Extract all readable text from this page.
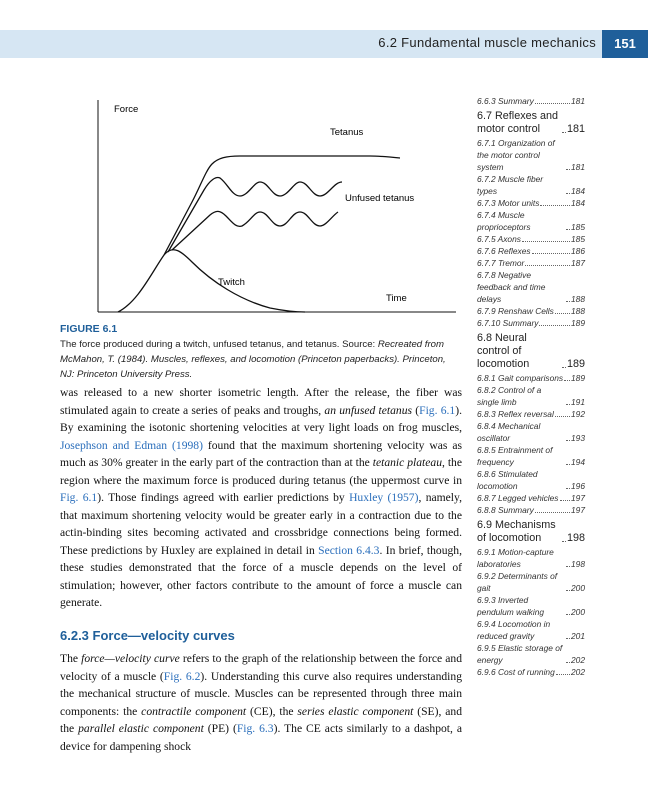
6.2 Fundamental muscle mechanics	151
Force
Time
Tetanus
Unfused tetanus
Twitch
FIGURE 6.1
The force produced during a twitch, unfused tetanus, and tetanus. Source: Recreated from McMahon, T. (1984). Muscles, reflexes, and locomotion (Princeton paperbacks). Princeton, NJ: Princeton University Press.

was released to a new shorter isometric length. After the release, the fiber was stimulated again to create a series of peaks and troughs, an unfused tetanus (Fig. 6.1). By examining the isotonic shortening velocities at very light loads on frog muscles, Josephson and Edman (1998) found that the maximum shortening velocity was as much as 30% greater in the early part of the contraction than at the tetanic plateau, the region where the maximum force is produced during tetanus (the uppermost curve in Fig. 6.1). Those findings agreed with earlier predictions by Huxley (1957), namely, that maximum shortening velocity would be greater early in a contraction due to the actin-binding sites becoming activated and crossbridge connections being formed. These predictions by Huxley are explained in detail in Section 6.4.3. In brief, though, these studies demonstrated that the force of a muscle depends on the level of stimulation; however, other factors contribute to the amount of force a muscle can generate.

6.2.3 Force—velocity curves

The force—velocity curve refers to the graph of the relationship between the force and velocity of a muscle (Fig. 6.2). Understanding this curve also requires understanding the mechanical structure of muscle. Muscles can be represented through three main components: the contractile component (CE), the series elastic component (SE), and the parallel elastic component (PE) (Fig. 6.3). The CE acts similarly to a dashpot, a device for dampening shock

6.6.3 Summary	181
6.7 Reflexes and motor control	181
6.7.1 Organization of the motor control system	181
6.7.2 Muscle fiber types	184
6.7.3 Motor units	184
6.7.4 Muscle proprioceptors	185
6.7.5 Axons	185
6.7.6 Reflexes	186
6.7.7 Tremor	187
6.7.8 Negative feedback and time delays	188
6.7.9 Renshaw Cells 188
6.7.10 Summary	189
6.8 Neural control of locomotion	189
6.8.1 Gait comparisons 189
6.8.2 Control of a single limb	191
6.8.3 Reflex reversal 192
6.8.4 Mechanical oscillator	193
6.8.5 Entrainment of frequency	194
6.8.6 Stimulated locomotion	196
6.8.7 Legged vehicles 197
6.8.8 Summary	197
6.9 Mechanisms of locomotion	198
6.9.1 Motion-capture laboratories	198
6.9.2 Determinants of gait	200
6.9.3 Inverted pendulum walking	200
6.9.4 Locomotion in reduced gravity	201
6.9.5 Elastic storage of energy	202
6.9.6 Cost of running 202
